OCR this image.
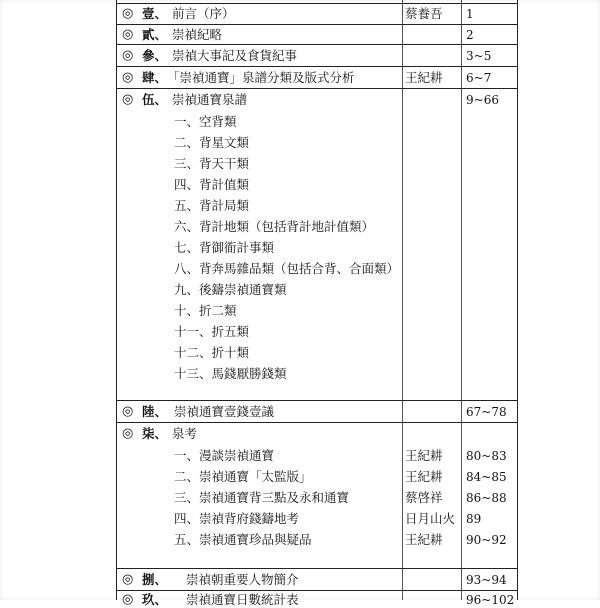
◎ 壹、 前言（序）	蔡養吾 1
◎ 貳、 崇禎紀略	2
◎ 參、 崇禎大事記及食貨紀事	3~5
◎ 肆、 「崇禎通寶」泉譜分類及版式分析	王紀耕 6~7
◎ 伍、 崇禎通寶泉譜	9~66
一、空背類
二、背星文類
三、背天干類
四、背計值類
五、背計局類
六、背計地類（包括背計地計值類）
七、背御衜計事類
八、背奔馬雜品類（包括合背、合面類）
九、後鑄崇禎通寶類
十、折二類
十一、折五類
十二、折十類
十三、馬錢厭勝錢類
◎ 陸、 崇禎通寶壹錢壹議	67~78
◎ 柒、 泉考
一、漫談崇禎通寶	王紀耕 80~83
二、崇禎通寶「太監版」	王紀耕 84~85
三、崇禎通寶背三點及永和通寶	蔡啓祥 86~88
四、崇禎背府錢鑄地考	日月山火 89
五、崇禎通寶珍品與疑品	王紀耕 90~92
◎ 捌、 崇禎朝重要人物簡介	93~94
◎ 玖、 崇禎通寶日數統計表	96~102
